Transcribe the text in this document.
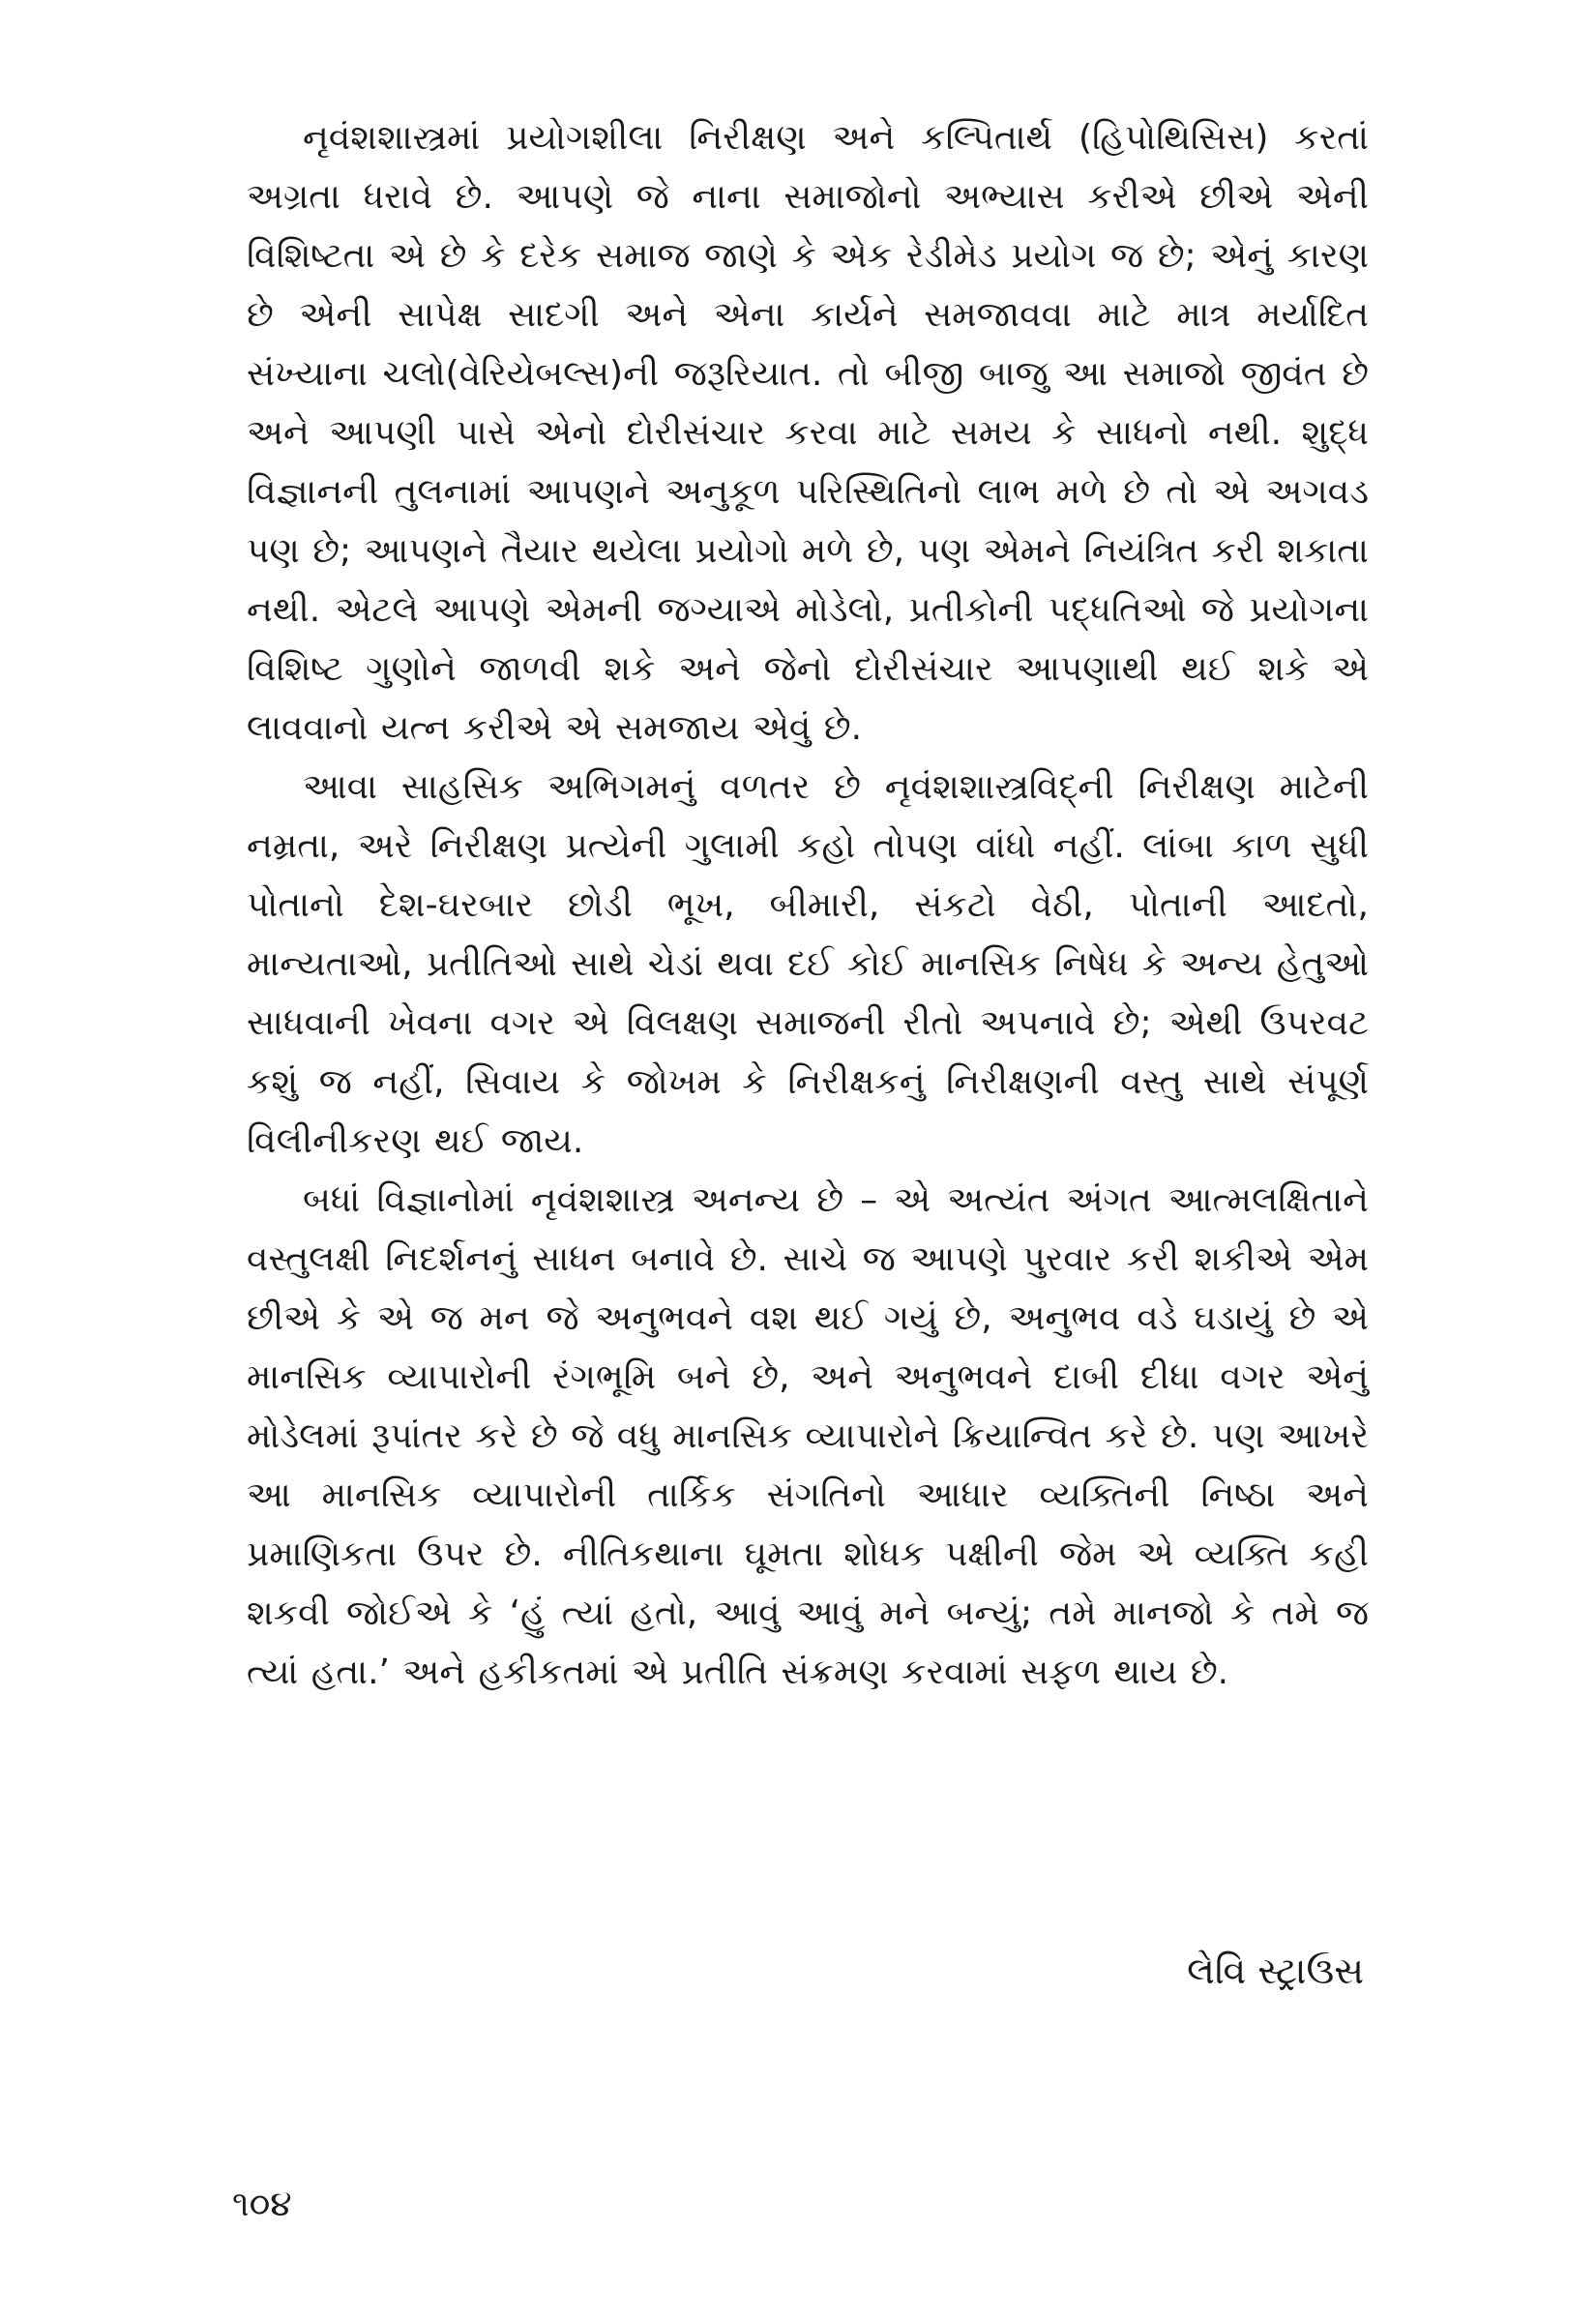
નૃવંશશાસ્ત્રમાં પ્રયોગશીલા નિરીક્ષણ અને કલ્પિતાર્થ (હિપોથિસિસ) કરતાં અગ્રતા ધરાવે છે. આપણે જે નાના સમાજોનો અભ્યાસ કરીએ છીએ એની વિશિષ્ટતા એ છે કે દરેક સમાજ જાણે કે એક રેડીમેડ પ્રયોગ જ છે; એનું કારણ છે એની સાપેક્ષ સાદગી અને એના કાર્યને સમજાવવા માટે માત્ર મર્યાદિત સંખ્યાના ચલો(વેરિયેબલ્સ)ની જરૂરિયાત. તો બીજી બાજુ આ સમાજો જીવંત છે અને આપણી પાસે એનો દોરીસંચાર કરવા માટે સમય કે સાધનો નથી. શુદ્ધ વિજ્ઞાનની તુલનામાં આપણને અનુકૂળ પરિસ્થિતિનો લાભ મળે છે તો એ અગવડ પણ છે; આપણને તૈયાર થયેલા પ્રયોગો મળે છે, પણ એમને નિયંત્રિત કરી શકાતા નથી. એટલે આપણે એમની જગ્યાએ મોડેલો, પ્રતીકોની પદ્ધતિઓ જે પ્રયોગના વિશિષ્ટ ગુણોને જાળવી શકે અને જેનો દોરીસંચાર આપણાથી થઈ શકે એ લાવવાનો યત્ન કરીએ એ સમજાય એવું છે.

આવા સાહસિક અભિગમનું વળતર છે નૃવંશશાસ્ત્રવિદ્‌ની નિરીક્ષણ માટેની નમ્રતા, અરે નિરીક્ષણ પ્રત્યેની ગુલામી કહો તોપણ વાંધો નહીં. લાંબા કાળ સુધી પોતાનો દેશ-ઘરબાર છોડી ભૂખ, બીમારી, સંકટો વેઠી, પોતાની આદતો, માન્યતાઓ, પ્રતીતિઓ સાથે ચેડાં થવા દઈ કોઈ માનસિક નિષેધ કે અન્ય હેતુઓ સાધવાની ખેવના વગર એ વિલક્ષણ સમાજની રીતો અપનાવે છે; એથી ઉપરવટ કશું જ નહીં, સિવાય કે જોખમ કે નિરીક્ષકનું નિરીક્ષણની વસ્તુ સાથે સંપૂર્ણ વિલીનીકરણ થઈ જાય.

બધાં વિજ્ઞાનોમાં નૃવંશશાસ્ત્ર અનન્ય છે – એ અત્યંત અંગત આત્મલક્ષિતાને વસ્તુલક્ષી નિદર્શનનું સાધન બનાવે છે. સાચે જ આપણે પુરવાર કરી શકીએ એમ છીએ કે એ જ મન જે અનુભવને વશ થઈ ગયું છે, અનુભવ વડે ઘડાયું છે એ માનસિક વ્યાપારોની રંગભૂમિ બને છે, અને અનુભવને દાબી દીધા વગર એનું મોડેલમાં રૂપાંતર કરે છે જે વધુ માનસિક વ્યાપારોને ક્રિયાન્વિત કરે છે. પણ આખરે આ માનસિક વ્યાપારોની તાર્કિક સંગતિનો આધાર વ્યક્તિની નિષ્ઠા અને પ્રમાણિકતા ઉપર છે. નીતિકથાના ઘૂમતા શોધક પક્ષીની જેમ એ વ્યક્તિ કહી શકવી જોઈએ કે ‘હું ત્યાં હતો, આવું આવું મને બન્યું; તમે માનજો કે તમે જ ત્યાં હતા.’ અને હકીકતમાં એ પ્રતીતિ સંક્રમણ કરવામાં સફળ થાય છે.

લેવિ સ્ટ્રાઉસ
૧૦૪
